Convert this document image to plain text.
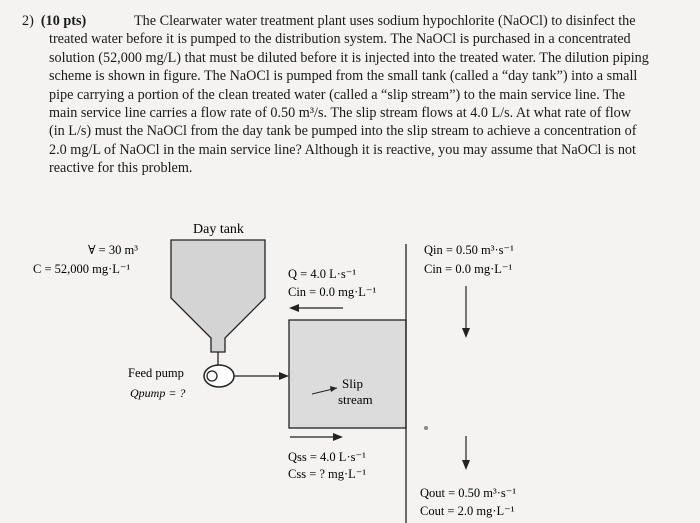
2) (10 pts)	The Clearwater water treatment plant uses sodium hypochlorite (NaOCl) to disinfect the
treated water before it is pumped to the distribution system. The NaOCl is purchased in a concentrated
solution (52,000 mg/L) that must be diluted before it is injected into the treated water. The dilution piping
scheme is shown in figure. The NaOCl is pumped from the small tank (called a “day tank”) into a small
pipe carrying a portion of the clean treated water (called a “slip stream”) to the main service line. The
main service line carries a flow rate of 0.50 m³/s. The slip stream flows at 4.0 L/s. At what rate of flow
(in L/s) must the NaOCl from the day tank be pumped into the slip stream to achieve a concentration of
2.0 mg/L of NaOCl in the main service line? Although it is reactive, you may assume that NaOCl is not
reactive for this problem.
Day tank
∀ = 30 m³
C = 52,000 mg·L⁻¹
Feed pump
Qpump = ?
Slip
stream
Q = 4.0 L·s⁻¹
Cin = 0.0 mg·L⁻¹
Qss = 4.0 L·s⁻¹
Css = ? mg·L⁻¹
Qin = 0.50 m³·s⁻¹
Cin = 0.0 mg·L⁻¹
Qout = 0.50 m³·s⁻¹
Cout = 2.0 mg·L⁻¹
